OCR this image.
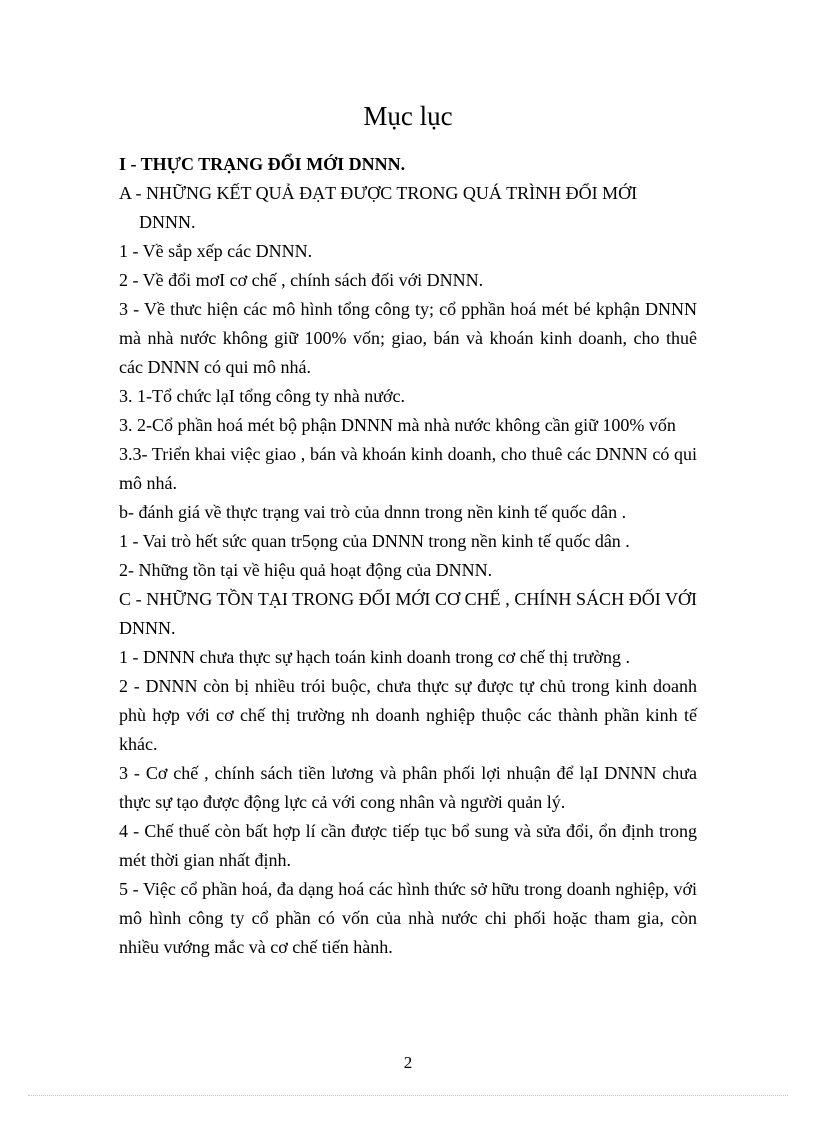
Mục lục

I - THỰC TRẠNG ĐỔI MỚI DNNN.

A - NHỮNG KẾT QUẢ ĐẠT ĐƯỢC TRONG QUÁ TRÌNH ĐỔI MỚI

DNNN.

1 - Về sắp xếp các DNNN.

2 - Về đổi mơI cơ chế , chính sách đối với DNNN.

3 - Về thưc hiện các mô hình tổng công ty; cổ pphần hoá mét bé kphận DNNN mà nhà nước không giữ 100% vốn; giao, bán và khoán kinh doanh, cho thuê các DNNN có qui mô nhá.

3. 1-Tổ chức lạI tổng công ty nhà nước.

3. 2-Cổ phần hoá mét bộ phận DNNN mà nhà nước không cần giữ 100% vốn

3.3- Triển khai việc giao , bán và khoán kinh doanh, cho thuê các DNNN có qui mô nhá.

b- đánh giá về thực trạng vai trò của dnnn trong nền kinh tế quốc dân .

1 - Vai trò hết sức quan tr5ọng của DNNN trong nền kinh tế quốc dân .

2- Những tồn tại về hiệu quả hoạt động của DNNN.

C - NHỮNG TỒN TẠI TRONG ĐỔI MỚI CƠ CHẾ , CHÍNH SÁCH ĐỐI VỚI DNNN.

1 - DNNN chưa thực sự hạch toán kinh doanh trong cơ chế thị trường .

2 - DNNN còn bị nhiều trói buộc, chưa thực sự được tự chủ trong kinh doanh phù hợp với cơ chế thị trường nh doanh nghiệp thuộc các thành phần kinh tế khác.

3 - Cơ chế , chính sách tiền lương và phân phối lợi nhuận để lạI DNNN chưa thực sự tạo được động lực cả với cong nhân và người quản lý.

4 - Chế thuế còn bất hợp lí cần được tiếp tục bổ sung và sửa đổi, ổn định trong mét thời gian nhất định.

5 - Việc cổ phần hoá, đa dạng hoá các hình thức sở hữu trong doanh nghiệp, với mô hình công ty cổ phần có vốn của nhà nước chi phối hoặc tham gia, còn nhiều vướng mắc và cơ chế tiến hành.

2
